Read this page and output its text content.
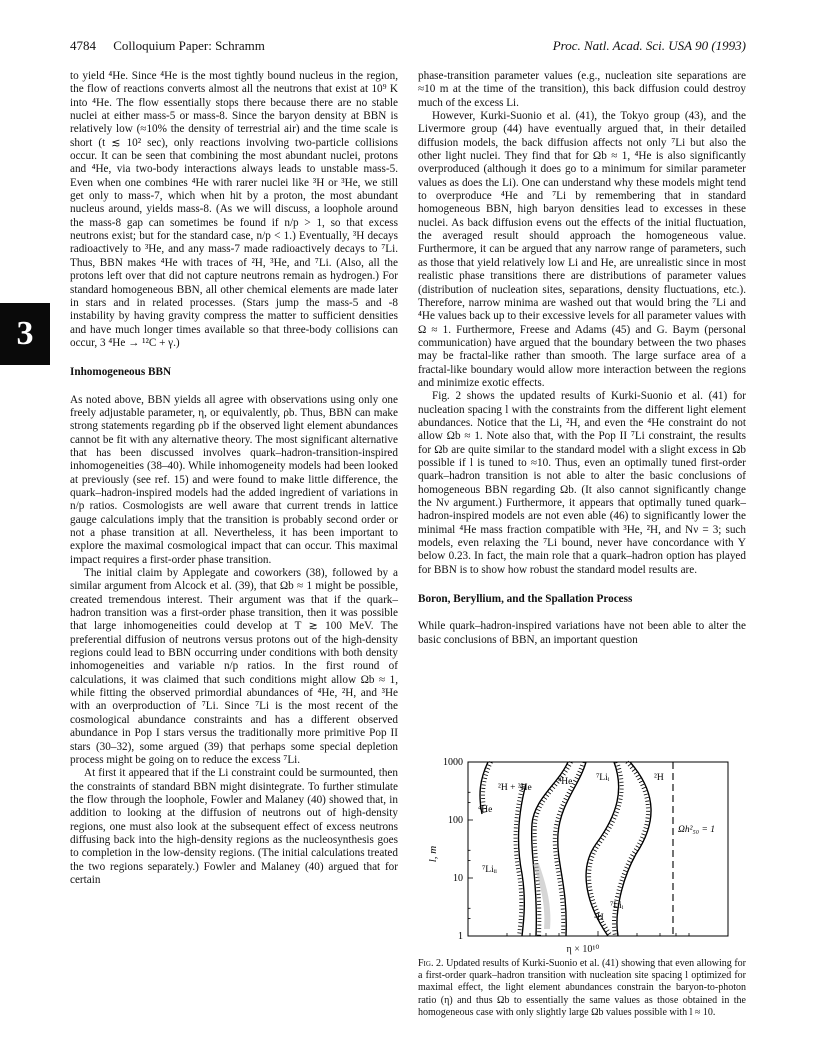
4784 Colloquium Paper: Schramm	Proc. Natl. Acad. Sci. USA 90 (1993)
3

to yield ⁴He. Since ⁴He is the most tightly bound nucleus in the region, the flow of reactions converts almost all the neutrons that exist at 10⁹ K into ⁴He. The flow essentially stops there because there are no stable nuclei at either mass-5 or mass-8. Since the baryon density at BBN is relatively low (≈10% the density of terrestrial air) and the time scale is short (t ≲ 10² sec), only reactions involving two-particle collisions occur. It can be seen that combining the most abundant nuclei, protons and ⁴He, via two-body interactions always leads to unstable mass-5. Even when one combines ⁴He with rarer nuclei like ³H or ³He, we still get only to mass-7, which when hit by a proton, the most abundant nucleus around, yields mass-8. (As we will discuss, a loophole around the mass-8 gap can sometimes be found if n/p > 1, so that excess neutrons exist; but for the standard case, n/p < 1.) Eventually, ³H decays radioactively to ³He, and any mass-7 made radioactively decays to ⁷Li. Thus, BBN makes ⁴He with traces of ²H, ³He, and ⁷Li. (Also, all the protons left over that did not capture neutrons remain as hydrogen.) For standard homogeneous BBN, all other chemical elements are made later in stars and in related processes. (Stars jump the mass-5 and -8 instability by having gravity compress the matter to sufficient densities and have much longer times available so that three-body collisions can occur, 3 ⁴He → ¹²C + γ.)

Inhomogeneous BBN

As noted above, BBN yields all agree with observations using only one freely adjustable parameter, η, or equivalently, ρb. Thus, BBN can make strong statements regarding ρb if the observed light element abundances cannot be fit with any alternative theory. The most significant alternative that has been discussed involves quark–hadron-transition-inspired inhomogeneities (38–40). While inhomogeneity models had been looked at previously (see ref. 15) and were found to make little difference, the quark–hadron-inspired models had the added ingredient of variations in n/p ratios. Cosmologists are well aware that current trends in lattice gauge calculations imply that the transition is probably second order or not a phase transition at all. Nevertheless, it has been important to explore the maximal cosmological impact that can occur. This maximal impact requires a first-order phase transition.

The initial claim by Applegate and coworkers (38), followed by a similar argument from Alcock et al. (39), that Ωb ≈ 1 might be possible, created tremendous interest. Their argument was that if the quark–hadron transition was a first-order phase transition, then it was possible that large inhomogeneities could develop at T ≳ 100 MeV. The preferential diffusion of neutrons versus protons out of the high-density regions could lead to BBN occurring under conditions with both density inhomogeneities and variable n/p ratios. In the first round of calculations, it was claimed that such conditions might allow Ωb ≈ 1, while fitting the observed primordial abundances of ⁴He, ²H, and ³He with an overproduction of ⁷Li. Since ⁷Li is the most recent of the cosmological abundance constraints and has a different observed abundance in Pop I stars versus the traditionally more primitive Pop II stars (30–32), some argued (39) that perhaps some special depletion process might be going on to reduce the excess ⁷Li.

At first it appeared that if the Li constraint could be surmounted, then the constraints of standard BBN might disintegrate. To further stimulate the flow through the loophole, Fowler and Malaney (40) showed that, in addition to looking at the diffusion of neutrons out of high-density regions, one must also look at the subsequent effect of excess neutrons diffusing back into the high-density regions as the nucleosynthesis goes to completion in the low-density regions. (The initial calculations treated the two regions separately.) Fowler and Malaney (40) argued that for certain

phase-transition parameter values (e.g., nucleation site separations are ≈10 m at the time of the transition), this back diffusion could destroy much of the excess Li.

However, Kurki-Suonio et al. (41), the Tokyo group (43), and the Livermore group (44) have eventually argued that, in their detailed diffusion models, the back diffusion affects not only ⁷Li but also the other light nuclei. They find that for Ωb ≈ 1, ⁴He is also significantly overproduced (although it does go to a minimum for similar parameter values as does the Li). One can understand why these models might tend to overproduce ⁴He and ⁷Li by remembering that in standard homogeneous BBN, high baryon densities lead to excesses in these nuclei. As back diffusion evens out the effects of the initial fluctuation, the averaged result should approach the homogeneous value. Furthermore, it can be argued that any narrow range of parameters, such as those that yield relatively low Li and He, are unrealistic since in most realistic phase transitions there are distributions of parameter values (distribution of nucleation sites, separations, density fluctuations, etc.). Therefore, narrow minima are washed out that would bring the ⁷Li and ⁴He values back up to their excessive levels for all parameter values with Ω ≈ 1. Furthermore, Freese and Adams (45) and G. Baym (personal communication) have argued that the boundary between the two phases may be fractal-like rather than smooth. The large surface area of a fractal-like boundary would allow more interaction between the regions and minimize exotic effects.

Fig. 2 shows the updated results of Kurki-Suonio et al. (41) for nucleation spacing l with the constraints from the different light element abundances. Notice that the Li, ²H, and even the ⁴He constraint do not allow Ωb ≈ 1. Note also that, with the Pop II ⁷Li constraint, the results for Ωb are quite similar to the standard model with a slight excess in Ωb possible if l is tuned to ≈10. Thus, even an optimally tuned first-order quark–hadron transition is not able to alter the basic conclusions of homogeneous BBN regarding Ωb. (It also cannot significantly change the Nν argument.) Furthermore, it appears that optimally tuned quark–hadron-inspired models are not even able (46) to significantly lower the minimal ⁴He mass fraction compatible with ³He, ²H, and Nν = 3; such models, even relaxing the ⁷Li bound, never have concordance with Y below 0.23. In fact, the main role that a quark–hadron option has played for BBN is to show how robust the standard model results are.

Boron, Beryllium, and the Spallation Process

While quark–hadron-inspired variations have not been able to alter the basic conclusions of BBN, an important question

1
10
100
1000
l, m
⁴He
²H + ³He
⁴He ⁷Liᵢ	²H
⁷Liᵢᵢ
²H
⁷Liᵢ
Ωh²₅₀ = 1
Fig. 2. Updated results of Kurki-Suonio et al. (41) showing that even allowing for a first-order quark–hadron transition with nucleation site spacing l optimized for maximal effect, the light element abundances constrain the baryon-to-photon ratio (η) and thus Ωb to essentially the same values as those obtained in the homogeneous case with only slightly large Ωb values possible with l ≈ 10.
η × 10¹⁰
